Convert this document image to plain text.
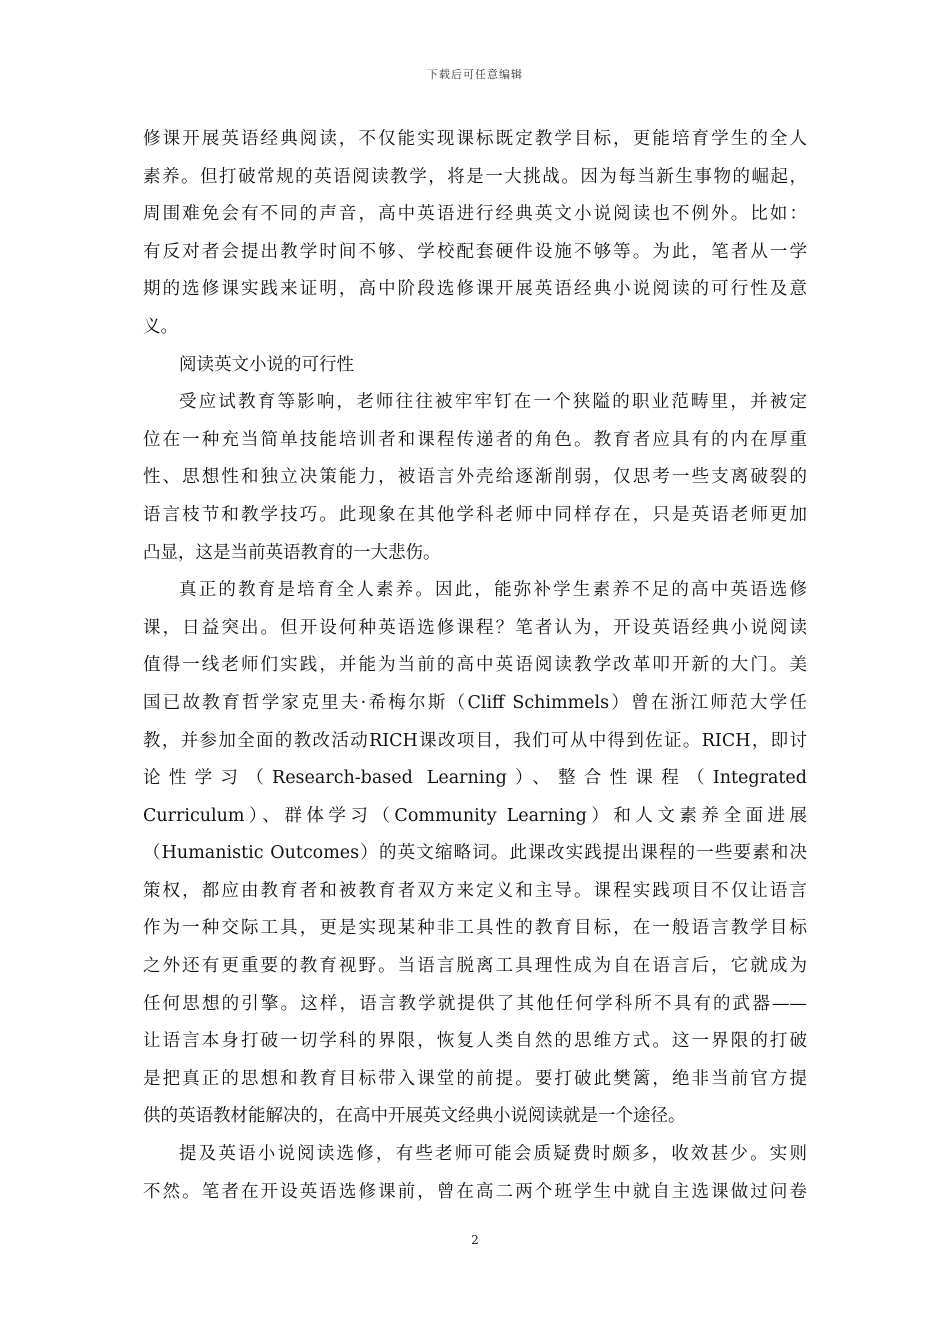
下载后可任意编辑
修课开展英语经典阅读，不仅能实现课标既定教学目标，更能培育学生的全人
素养。但打破常规的英语阅读教学，将是一大挑战。因为每当新生事物的崛起，
周围难免会有不同的声音，高中英语进行经典英文小说阅读也不例外。比如：
有反对者会提出教学时间不够、学校配套硬件设施不够等。为此，笔者从一学
期的选修课实践来证明，高中阶段选修课开展英语经典小说阅读的可行性及意
义。
阅读英文小说的可行性
受应试教育等影响，老师往往被牢牢钉在一个狭隘的职业范畴里，并被定
位在一种充当简单技能培训者和课程传递者的角色。教育者应具有的内在厚重
性、思想性和独立决策能力，被语言外壳给逐渐削弱，仅思考一些支离破裂的
语言枝节和教学技巧。此现象在其他学科老师中同样存在，只是英语老师更加
凸显，这是当前英语教育的一大悲伤。
真正的教育是培育全人素养。因此，能弥补学生素养不足的高中英语选修
课，日益突出。但开设何种英语选修课程？笔者认为，开设英语经典小说阅读
值得一线老师们实践，并能为当前的高中英语阅读教学改革叩开新的大门。美
国已故教育哲学家克里夫·希梅尔斯（Cliff Schimmels）曾在浙江师范大学任
教，并参加全面的教改活动RICH课改项目，我们可从中得到佐证。RICH，即讨
论性学习（Research-based Learning）、整合性课程（Integrated
Curriculum）、群体学习（Community Learning）和人文素养全面进展
（Humanistic Outcomes）的英文缩略词。此课改实践提出课程的一些要素和决
策权，都应由教育者和被教育者双方来定义和主导。课程实践项目不仅让语言
作为一种交际工具，更是实现某种非工具性的教育目标，在一般语言教学目标
之外还有更重要的教育视野。当语言脱离工具理性成为自在语言后，它就成为
任何思想的引擎。这样，语言教学就提供了其他任何学科所不具有的武器——
让语言本身打破一切学科的界限，恢复人类自然的思维方式。这一界限的打破
是把真正的思想和教育目标带入课堂的前提。要打破此樊篱，绝非当前官方提
供的英语教材能解决的，在高中开展英文经典小说阅读就是一个途径。
提及英语小说阅读选修，有些老师可能会质疑费时颇多，收效甚少。实则
不然。笔者在开设英语选修课前，曾在高二两个班学生中就自主选课做过问卷
2
